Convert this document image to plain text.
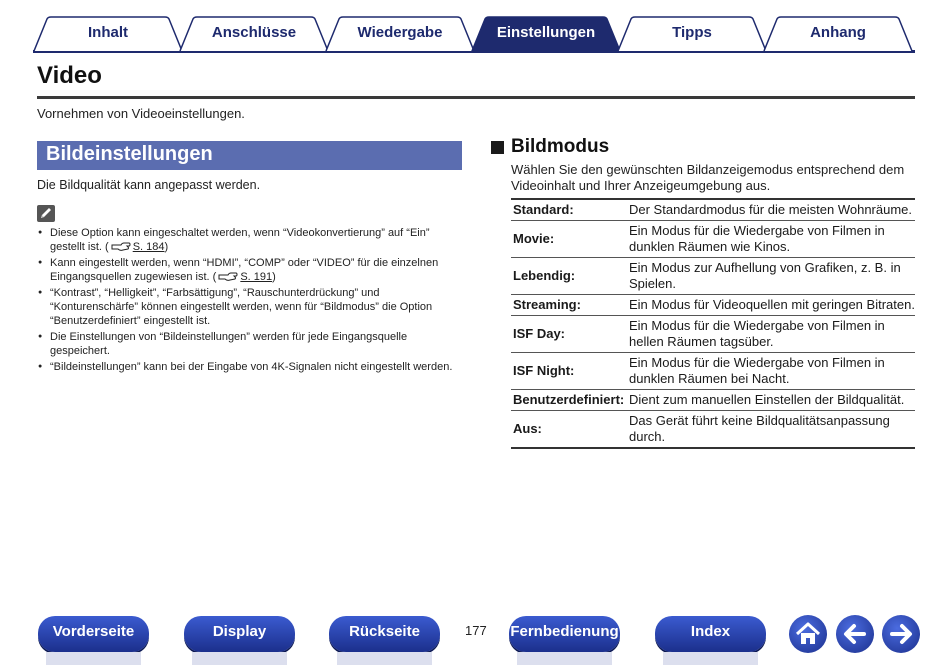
Inhalt	Anschlüsse	Wiedergabe	Einstellungen	Tipps	Anhang
Video
Vornehmen von Videoeinstellungen.
Bildeinstellungen
Die Bildqualität kann angepasst werden.
● Diese Option kann eingeschaltet werden, wenn “Videokonvertierung” auf “Ein” gestellt ist. ( S. 184)
● Kann eingestellt werden, wenn “HDMI”, “COMP” oder “VIDEO” für die einzelnen Eingangsquellen zugewiesen ist. ( S. 191)
● “Kontrast”, “Helligkeit”, “Farbsättigung”, “Rauschunterdrückung” und “Konturenschärfe” können eingestellt werden, wenn für “Bildmodus” die Option “Benutzerdefiniert” eingestellt ist.
● Die Einstellungen von “Bildeinstellungen” werden für jede Eingangsquelle gespeichert.
● “Bildeinstellungen” kann bei der Eingabe von 4K-Signalen nicht eingestellt werden.
Bildmodus
Wählen Sie den gewünschten Bildanzeigemodus entsprechend dem Videoinhalt und Ihrer Anzeigeumgebung aus.
Standard:	Der Standardmodus für die meisten Wohnräume.
Movie:	Ein Modus für die Wiedergabe von Filmen in dunklen Räumen wie Kinos.
Lebendig:	Ein Modus zur Aufhellung von Grafiken, z. B. in Spielen.
Streaming:	Ein Modus für Videoquellen mit geringen Bitraten.
ISF Day:	Ein Modus für die Wiedergabe von Filmen in hellen Räumen tagsüber.
ISF Night:	Ein Modus für die Wiedergabe von Filmen in dunklen Räumen bei Nacht.
Benutzerdefiniert:	Dient zum manuellen Einstellen der Bildqualität.
Aus:	Das Gerät führt keine Bildqualitätsanpassung durch.
Vorderseite	Display	Rückseite	177 Fernbedienung	Index
